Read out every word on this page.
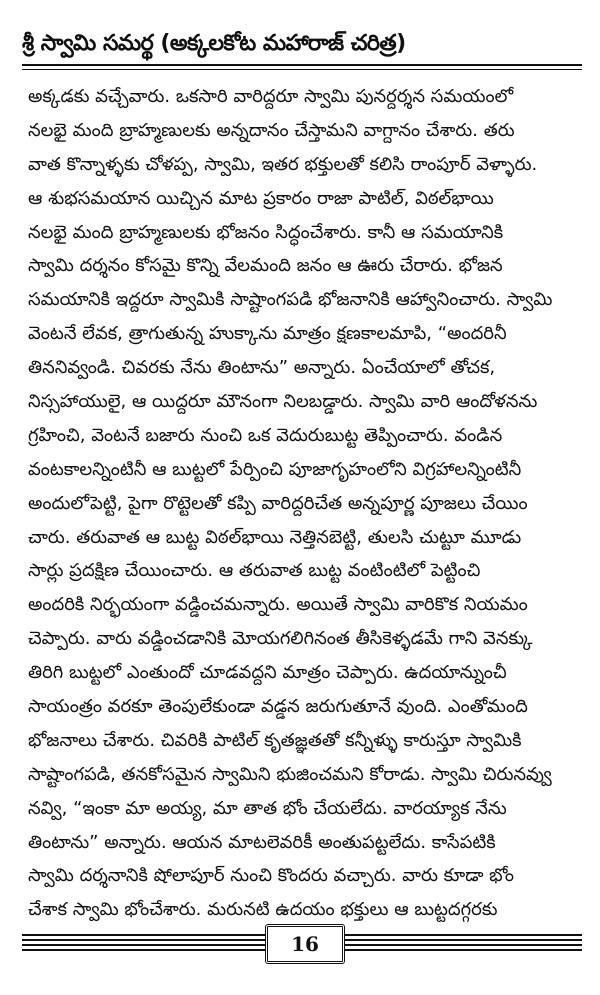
శ్రీ స్వామి సమర్థ (అక్కలకోట మహారాజ్ చరిత్ర)
అక్కడకు వచ్చేవారు. ఒకసారి వారిద్దరూ స్వామి పునర్దర్శన సమయంలో
నలభై మంది బ్రాహ్మణులకు అన్నదానం చేస్తామని వాగ్దానం చేశారు. తరు
వాత కొన్నాళ్ళకు చోళప్ప, స్వామి, ఇతర భక్తులతో కలిసి రాంపూర్ వెళ్ళారు.
ఆ శుభసమయాన యిచ్చిన మాట ప్రకారం రాజా పాటిల్, విఠల్‌భాయి
నలభై మంది బ్రాహ్మణులకు భోజనం సిద్ధంచేశారు. కానీ ఆ సమయానికి
స్వామి దర్శనం కోసమై కొన్ని వేలమంది జనం ఆ ఊరు చేరారు. భోజన
సమయానికి ఇద్దరూ స్వామికి సాష్టాంగపడి భోజనానికి ఆహ్వానించారు. స్వామి
వెంటనే లేవక, త్రాగుతున్న హుక్కాను మాత్రం క్షణకాలమాపి, “అందరినీ
తిననివ్వండి. చివరకు నేను తింటాను” అన్నారు. ఏంచేయాలో తోచక,
నిస్సహాయులై, ఆ యిద్దరూ మౌనంగా నిలబడ్డారు. స్వామి వారి ఆందోళనను
గ్రహించి, వెంటనే బజారు నుంచి ఒక వెదురుబుట్ట తెప్పించారు. వండిన
వంటకాలన్నింటినీ ఆ బుట్టలో పేర్పించి పూజాగృహంలోని విగ్రహాలన్నింటినీ
అందులోపెట్టి, పైగా రొట్టెలతో కప్పి వారిద్దరిచేత అన్నపూర్ణ పూజలు చేయిం
చారు. తరువాత ఆ బుట్ట విఠల్‌భాయి నెత్తినబెట్టి, తులసి చుట్టూ మూడు
సార్లు ప్రదక్షిణ చేయించారు. ఆ తరువాత బుట్ట వంటింటిలో పెట్టించి
అందరికి నిర్భయంగా వడ్డించమన్నారు. అయితే స్వామి వారికొక నియమం
చెప్పారు. వారు వడ్డించడానికి మోయగలిగినంత తీసికెళ్ళడమే గాని వెనక్కు
తిరిగి బుట్టలో ఎంతుందో చూడవద్దని మాత్రం చెప్పారు. ఉదయాన్నుంచీ
సాయంత్రం వరకూ తెంపులేకుండా వడ్డన జరుగుతూనే వుంది. ఎంతోమంది
భోజనాలు చేశారు. చివరికి పాటిల్ కృతజ్ఞతతో కన్నీళ్ళు కారుస్తూ స్వామికి
సాష్టాంగపడి, తనకోసమైన స్వామిని భుజించమని కోరాడు. స్వామి చిరునవ్వు
నవ్వి, “ఇంకా మా అయ్య, మా తాత భోం చేయలేదు. వారయ్యాక నేను
తింటాను” అన్నారు. ఆయన మాటలెవరికీ అంతుపట్టలేదు. కాసేపటికి
స్వామి దర్శనానికి షోలాపూర్ నుంచి కొందరు వచ్చారు. వారు కూడా భోం
చేశాక స్వామి భోంచేశారు. మరునటి ఉదయం భక్తులు ఆ బుట్టదగ్గరకు
16
